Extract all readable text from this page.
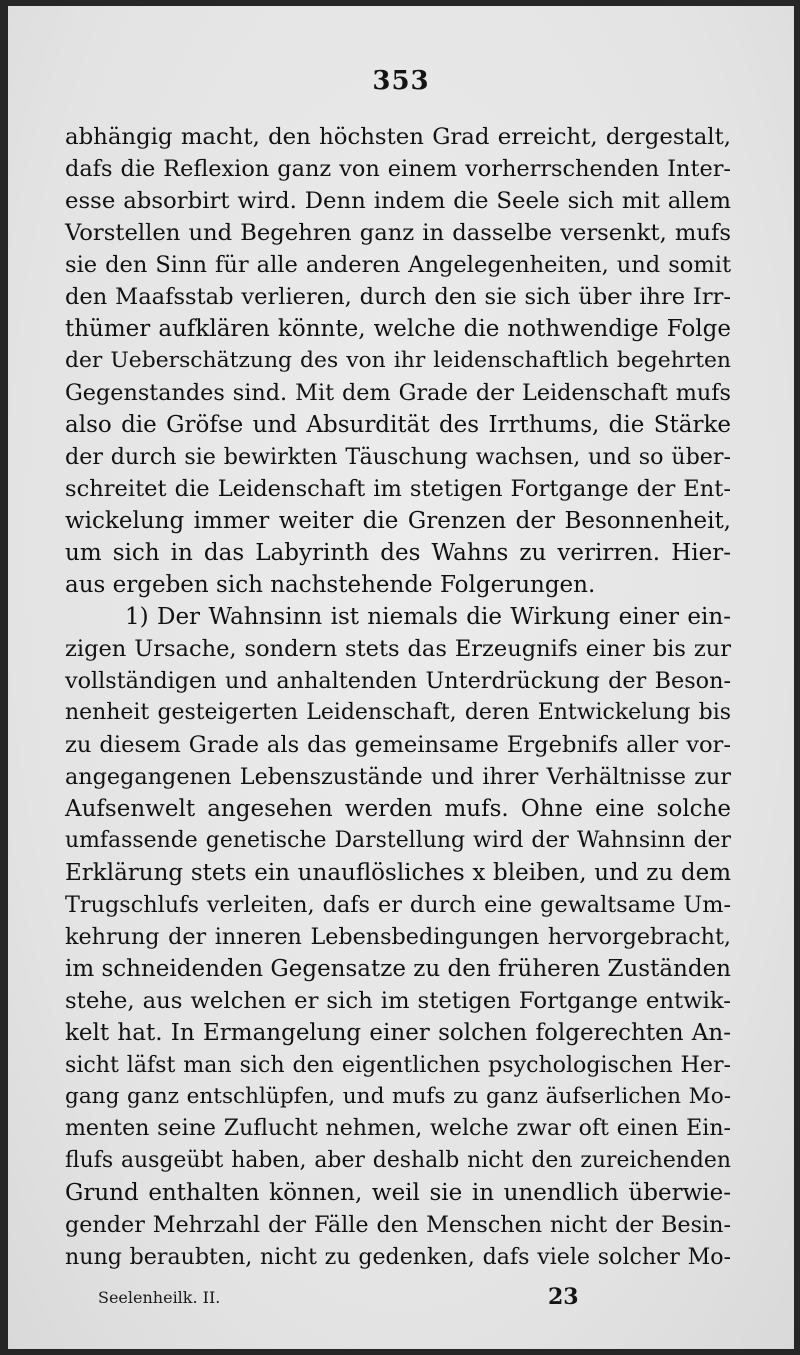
353
abhängig macht, den höchsten Grad erreicht, dergestalt,
dafs die Reflexion ganz von einem vorherrschenden Inter-
esse absorbirt wird. Denn indem die Seele sich mit allem
Vorstellen und Begehren ganz in dasselbe versenkt, mufs
sie den Sinn für alle anderen Angelegenheiten, und somit
den Maafsstab verlieren, durch den sie sich über ihre Irr-
thümer aufklären könnte, welche die nothwendige Folge
der Ueberschätzung des von ihr leidenschaftlich begehrten
Gegenstandes sind. Mit dem Grade der Leidenschaft mufs
also die Gröfse und Absurdität des Irrthums, die Stärke
der durch sie bewirkten Täuschung wachsen, und so über-
schreitet die Leidenschaft im stetigen Fortgange der Ent-
wickelung immer weiter die Grenzen der Besonnenheit,
um sich in das Labyrinth des Wahns zu verirren. Hier-
aus ergeben sich nachstehende Folgerungen.
1) Der Wahnsinn ist niemals die Wirkung einer ein-
zigen Ursache, sondern stets das Erzeugnifs einer bis zur
vollständigen und anhaltenden Unterdrückung der Beson-
nenheit gesteigerten Leidenschaft, deren Entwickelung bis
zu diesem Grade als das gemeinsame Ergebnifs aller vor-
angegangenen Lebenszustände und ihrer Verhältnisse zur
Aufsenwelt angesehen werden mufs. Ohne eine solche
umfassende genetische Darstellung wird der Wahnsinn der
Erklärung stets ein unauflösliches x bleiben, und zu dem
Trugschlufs verleiten, dafs er durch eine gewaltsame Um-
kehrung der inneren Lebensbedingungen hervorgebracht,
im schneidenden Gegensatze zu den früheren Zuständen
stehe, aus welchen er sich im stetigen Fortgange entwik-
kelt hat. In Ermangelung einer solchen folgerechten An-
sicht läfst man sich den eigentlichen psychologischen Her-
gang ganz entschlüpfen, und mufs zu ganz äufserlichen Mo-
menten seine Zuflucht nehmen, welche zwar oft einen Ein-
flufs ausgeübt haben, aber deshalb nicht den zureichenden
Grund enthalten können, weil sie in unendlich überwie-
gender Mehrzahl der Fälle den Menschen nicht der Besin-
nung beraubten, nicht zu gedenken, dafs viele solcher Mo-
Seelenheilk. II.	23
